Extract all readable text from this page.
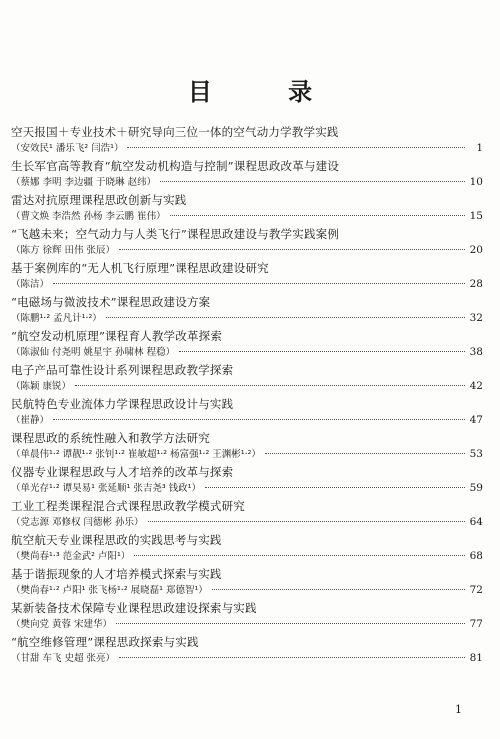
目 录
空天报国＋专业技术＋研究导向三位一体的空气动力学教学实践
（安效民¹ 潘乐飞² 闫浩¹）	1
生长军官高等教育“航空发动机构造与控制”课程思政改革与建设
（蔡娜 李明 李边疆 于晓琳 赵纬）	10
雷达对抗原理课程思政创新与实践
（曹文焕 李浩然 孙杨 李云鹏 崔伟）	15
“飞越未来；空气动力与人类飞行”课程思政建设与教学实践案例
（陈方 徐辉 田伟 张辰）	20
基于案例库的“无人机飞行原理”课程思政建设研究
（陈洁）	28
“电磁场与微波技术”课程思政建设方案
（陈鹏¹·² 孟凡计¹·²）	32
“航空发动机原理”课程育人教学改革探索
（陈淑仙 付尧明 姚星宇 孙啸林 程稳）	38
电子产品可靠性设计系列课程思政教学探索
（陈颖 康锐）	42
民航特色专业流体力学课程思政设计与实践
（崔静）	47
课程思政的系统性融入和教学方法研究
（单晨伟¹·² 谭靓¹·² 张钊¹·² 崔敏超¹·² 杨富强¹·² 王渊彬¹·²）	53
仪器专业课程思政与人才培养的改革与探索
（单光存¹·² 谭昊易¹ 张延顺¹ 张吉尧³ 钱政¹）	59
工业工程类课程混合式课程思政教学模式研究
（党志源 邓修权 闫德彬 孙乐）	64
航空航天专业课程思政的实践思考与实践
（樊尚春¹·³ 范金武² 卢阳¹）	68
基于谐振现象的人才培养模式探索与实践
（樊尚春¹·² 卢阳¹ 张飞杨¹·² 展晓磊¹ 郑德智¹）	72
某新装备技术保障专业课程思政建设探索与实践
（樊向党 黄蓉 宋建华）	77
“航空维修管理”课程思政探索与实践
（甘甜 车飞 史超 张亮）	81
1
